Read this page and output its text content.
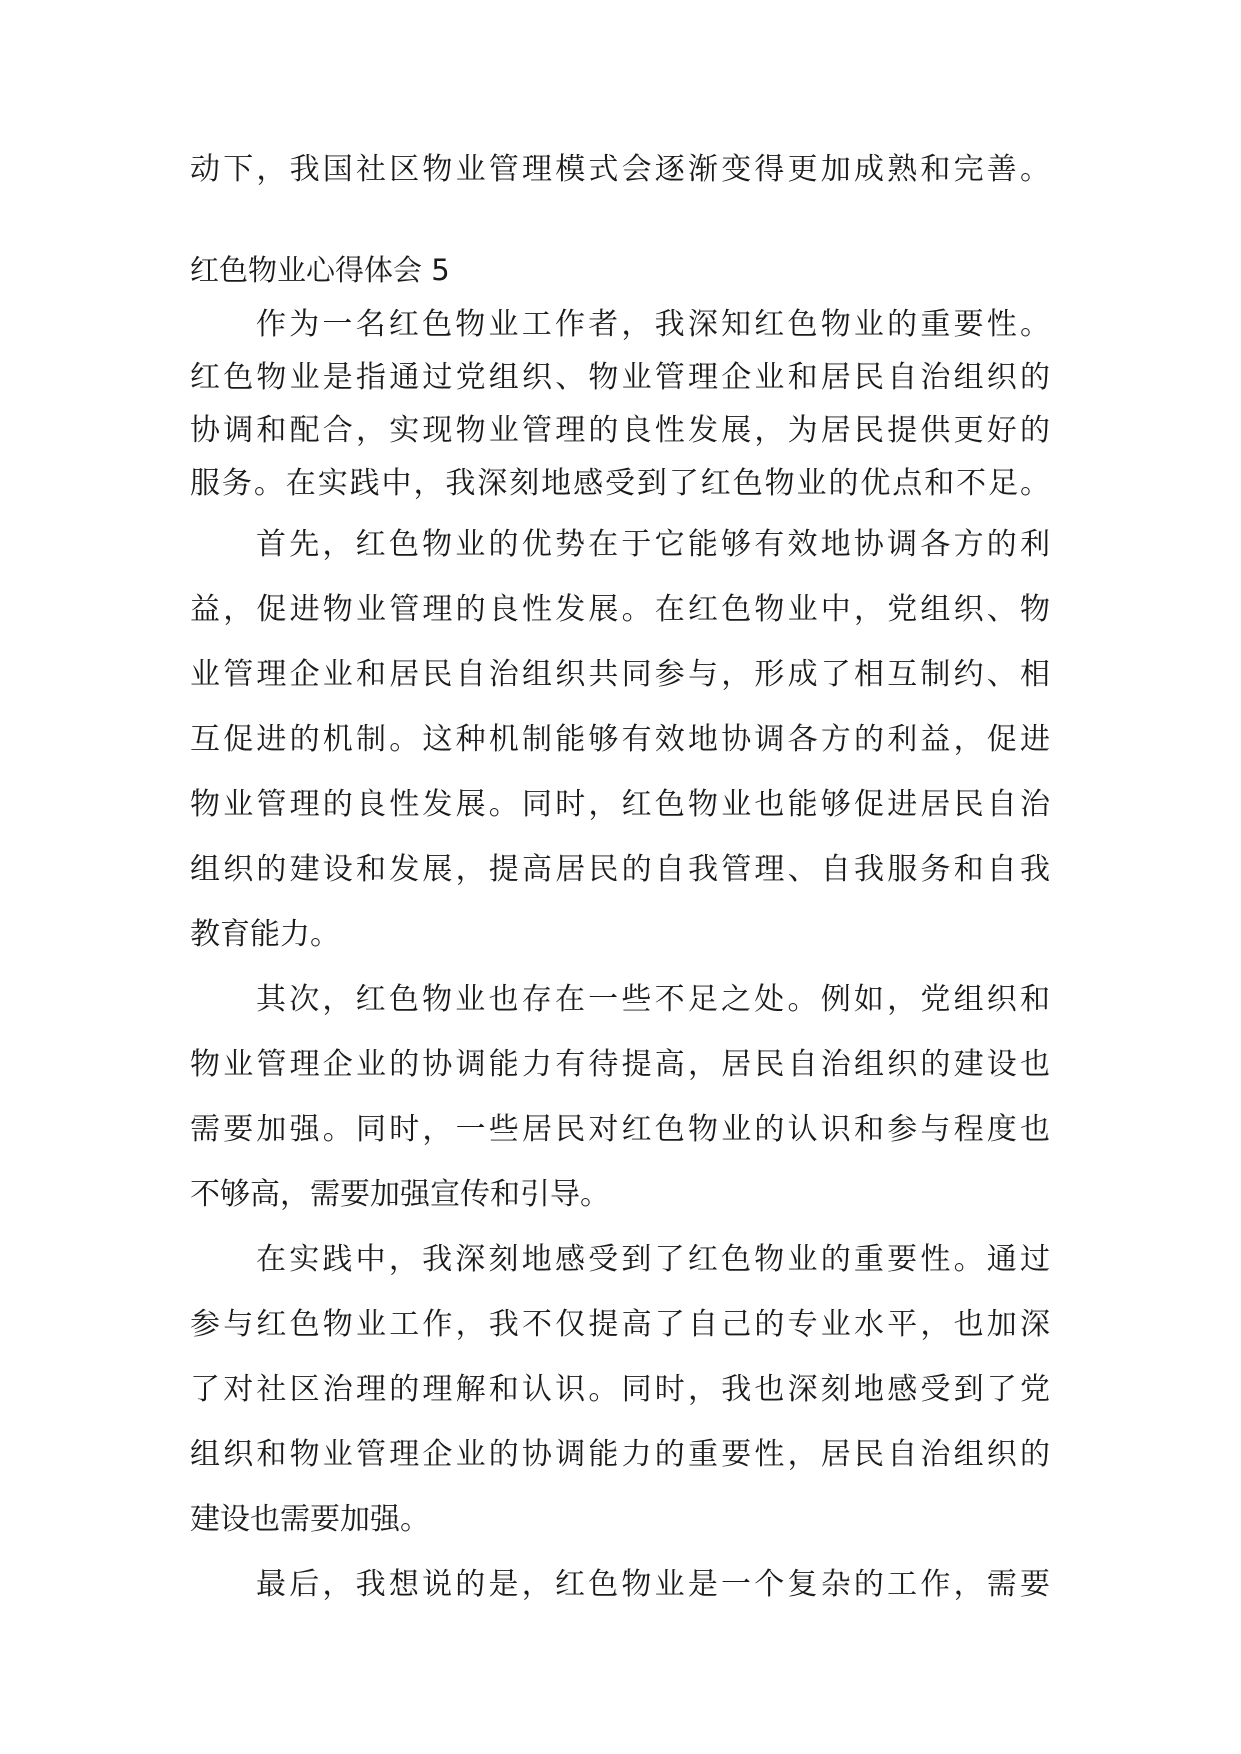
动下，我国社区物业管理模式会逐渐变得更加成熟和完善。
红色物业心得体会 5
作为一名红色物业工作者，我深知红色物业的重要性。
红色物业是指通过党组织、物业管理企业和居民自治组织的
协调和配合，实现物业管理的良性发展，为居民提供更好的
服务。在实践中，我深刻地感受到了红色物业的优点和不足。
首先，红色物业的优势在于它能够有效地协调各方的利
益，促进物业管理的良性发展。在红色物业中，党组织、物
业管理企业和居民自治组织共同参与，形成了相互制约、相
互促进的机制。这种机制能够有效地协调各方的利益，促进
物业管理的良性发展。同时，红色物业也能够促进居民自治
组织的建设和发展，提高居民的自我管理、自我服务和自我
教育能力。
其次，红色物业也存在一些不足之处。例如，党组织和
物业管理企业的协调能力有待提高，居民自治组织的建设也
需要加强。同时，一些居民对红色物业的认识和参与程度也
不够高，需要加强宣传和引导。
在实践中，我深刻地感受到了红色物业的重要性。通过
参与红色物业工作，我不仅提高了自己的专业水平，也加深
了对社区治理的理解和认识。同时，我也深刻地感受到了党
组织和物业管理企业的协调能力的重要性，居民自治组织的
建设也需要加强。
最后，我想说的是，红色物业是一个复杂的工作，需要
